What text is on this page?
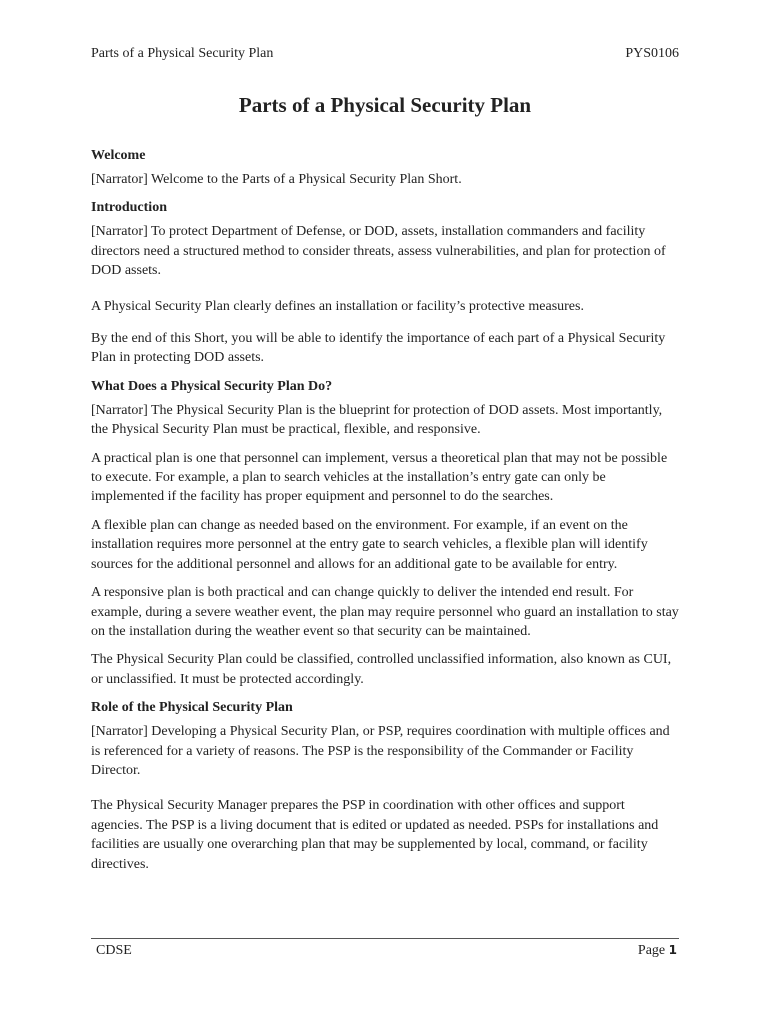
Parts of a Physical Security Plan	PYS0106
Parts of a Physical Security Plan
Welcome

[Narrator] Welcome to the Parts of a Physical Security Plan Short.

Introduction

[Narrator] To protect Department of Defense, or DOD, assets, installation commanders and facility directors need a structured method to consider threats, assess vulnerabilities, and plan for protection of DOD assets.

A Physical Security Plan clearly defines an installation or facility’s protective measures.

By the end of this Short, you will be able to identify the importance of each part of a Physical Security Plan in protecting DOD assets.

What Does a Physical Security Plan Do?

[Narrator] The Physical Security Plan is the blueprint for protection of DOD assets. Most importantly, the Physical Security Plan must be practical, flexible, and responsive.

A practical plan is one that personnel can implement, versus a theoretical plan that may not be possible to execute. For example, a plan to search vehicles at the installation’s entry gate can only be implemented if the facility has proper equipment and personnel to do the searches.

A flexible plan can change as needed based on the environment. For example, if an event on the installation requires more personnel at the entry gate to search vehicles, a flexible plan will identify sources for the additional personnel and allows for an additional gate to be available for entry.

A responsive plan is both practical and can change quickly to deliver the intended end result. For example, during a severe weather event, the plan may require personnel who guard an installation to stay on the installation during the weather event so that security can be maintained.

The Physical Security Plan could be classified, controlled unclassified information, also known as CUI, or unclassified. It must be protected accordingly.

Role of the Physical Security Plan

[Narrator] Developing a Physical Security Plan, or PSP, requires coordination with multiple offices and is referenced for a variety of reasons. The PSP is the responsibility of the Commander or Facility Director.

The Physical Security Manager prepares the PSP in coordination with other offices and support agencies. The PSP is a living document that is edited or updated as needed. PSPs for installations and facilities are usually one overarching plan that may be supplemented by local, command, or facility directives.

CDSE	Page 1
